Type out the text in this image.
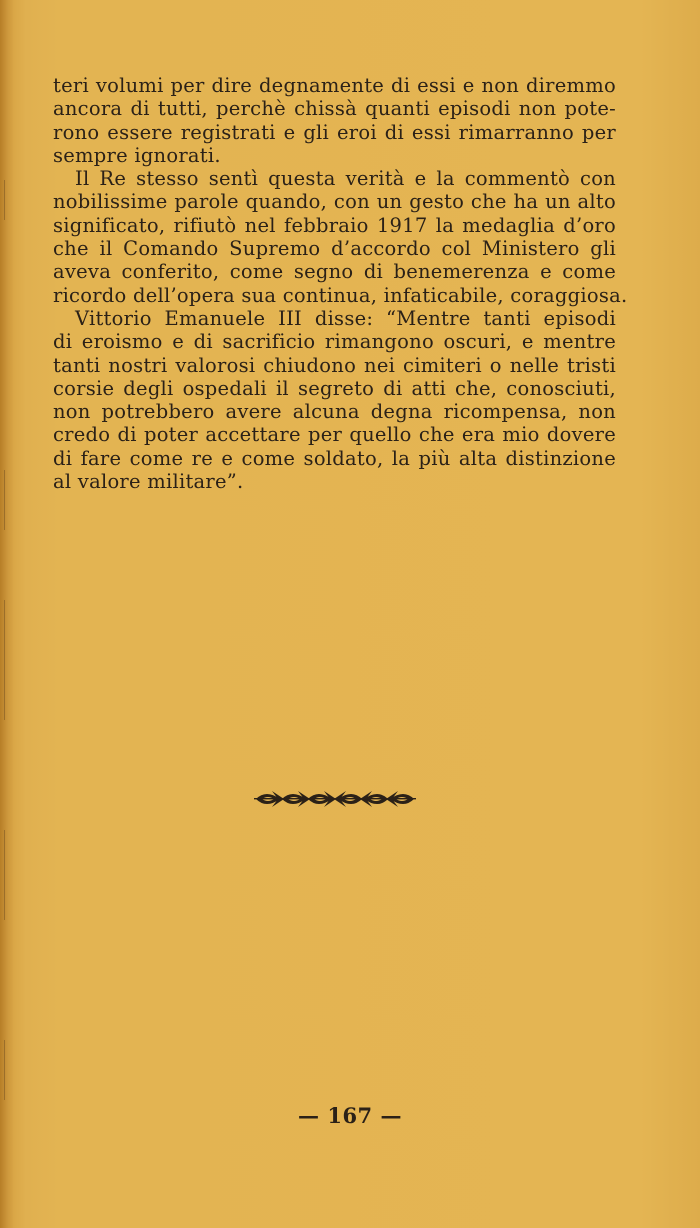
teri volumi per dire degnamente di essi e non diremmo
ancora di tutti, perchè chissà quanti episodi non pote-
rono essere registrati e gli eroi di essi rimarranno per
sempre ignorati.

Il Re stesso sentì questa verità e la commentò con
nobilissime parole quando, con un gesto che ha un alto
significato, rifiutò nel febbraio 1917 la medaglia d’oro
che il Comando Supremo d’accordo col Ministero gli
aveva conferito, come segno di benemerenza e come
ricordo dell’opera sua continua, infaticabile, coraggiosa.

Vittorio Emanuele III disse: “Mentre tanti episodi
di eroismo e di sacrificio rimangono oscuri, e mentre
tanti nostri valorosi chiudono nei cimiteri o nelle tristi
corsie degli ospedali il segreto di atti che, conosciuti,
non potrebbero avere alcuna degna ricompensa, non
credo di poter accettare per quello che era mio dovere
di fare come re e come soldato, la più alta distinzione
al valore militare”.

— 167 —
